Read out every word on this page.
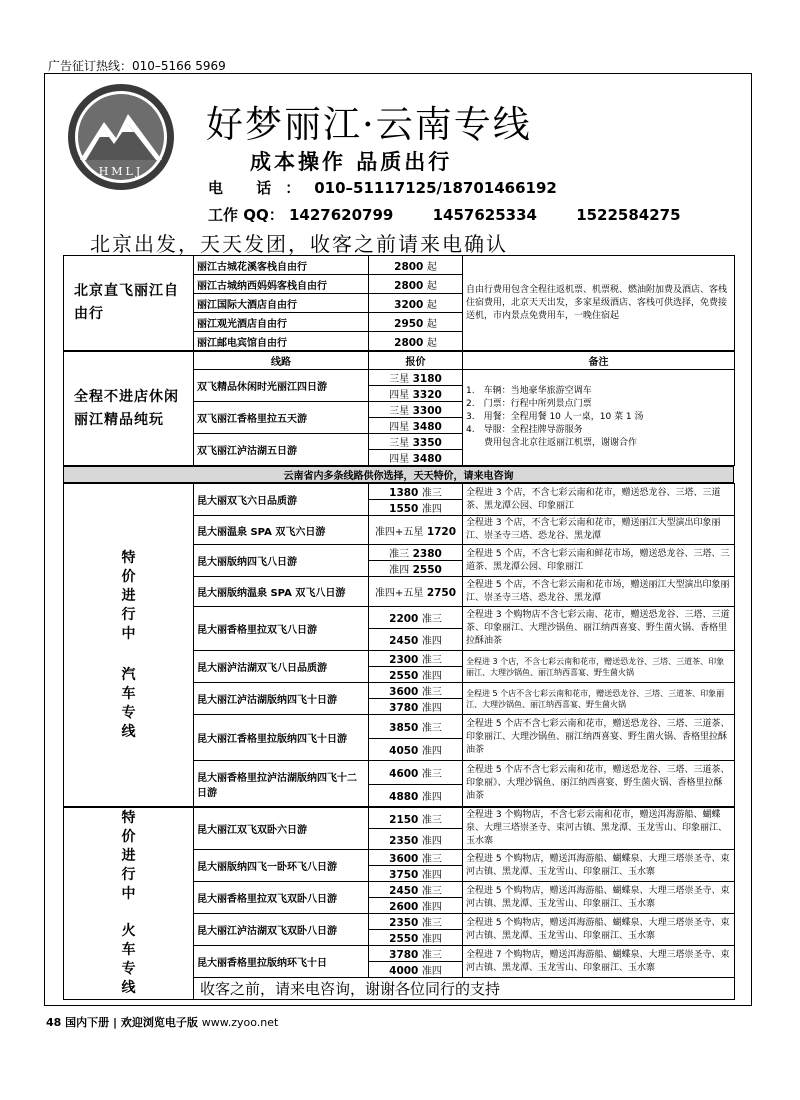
广告征订热线：010–5166 5969
HMLJ
好梦丽江·云南专线
成本操作 品质出行
电 话：010–51117125/18701466192
工作 QQ： 1427620799	1457625334	1522584275
北京出发，天天发团，收客之前请来电确认
北京直飞丽江自由行	丽江古城花溪客栈自由行	2800 起	自由行费用包含全程往返机票、机票税、燃油附加费及酒店、客栈住宿费用，北京天天出发，多家星级酒店、客栈可供选择，免费接送机，市内景点免费用车，一晚住宿起
	丽江古城纳西妈妈客栈自由行	2800 起	
	丽江国际大酒店自由行	3200 起	
	丽江观光酒店自由行	2950 起	
	丽江邮电宾馆自由行	2800 起	
全程不进店休闲丽江精品纯玩	线路	报价	备注
	双飞精品休闲时光丽江四日游	三星 3180	1.　车辆：当地豪华旅游空调车
2.　门票：行程中所列景点门票
3.　用餐：全程用餐 10 人一桌，10 菜 1 汤
4.　导服：全程挂牌导游服务
　　费用包含北京往返丽江机票，谢谢合作

		四星 3320	
	双飞丽江香格里拉五天游	三星 3300	
		四星 3480	
	双飞丽江泸沽湖五日游	三星 3350	
		四星 3480	
云南省内多条线路供你选择，天天特价，请来电咨询
特价进行中
汽车专线	昆大丽双飞六日品质游	1380 准三	全程进 3 个店，不含七彩云南和花市，赠送恐龙谷、三塔、三道茶、黑龙潭公园、印象丽江
		1550 准四	
	昆大丽温泉 SPA 双飞六日游	准四+五星 1720	全程进 3 个店，不含七彩云南和花市，赠送丽江大型演出印象丽江、崇圣寺三塔、恐龙谷、黑龙潭
	昆大丽版纳四飞八日游	准三 2380	全程进 5 个店，不含七彩云南和鲜花市场，赠送恐龙谷、三塔、三道茶、黑龙潭公园、印象丽江
		准四 2550	
	昆大丽版纳温泉 SPA 双飞八日游	准四+五星 2750	全程进 5 个店，不含七彩云南和花市场，赠送丽江大型演出印象丽江、崇圣寺三塔、恐龙谷、黑龙潭
	昆大丽香格里拉双飞八日游	2200 准三	全程进 3 个购物店不含七彩云南、花市，赠送恐龙谷、三塔、三道茶、印象丽江、大理沙锅鱼、丽江纳西喜宴、野生菌火锅、香格里拉酥油茶
		2450 准四	
	昆大丽泸沽湖双飞八日品质游	2300 准三	全程进 3 个店，不含七彩云南和花市，赠送恐龙谷、三塔、三道茶、印象丽江、大理沙锅鱼、丽江纳西喜宴、野生菌火锅
		2550 准四	
	昆大丽江泸沽湖版纳四飞十日游	3600 准三	全程进 5 个店不含七彩云南和花市，赠送恐龙谷、三塔、三道茶、印象丽江、大理沙锅鱼、丽江纳西喜宴、野生菌火锅
		3780 准四	
	昆大丽江香格里拉版纳四飞十日游	3850 准三	全程进 5 个店不含七彩云南和花市，赠送恐龙谷、三塔、三道茶、印象丽江、大理沙锅鱼、丽江纳西喜宴、野生菌火锅、香格里拉酥油茶
		4050 准四	
	昆大丽香格里拉泸沽湖版纳四飞十二日游	4600 准三	全程进 5 个店不含七彩云南和花市，赠送恐龙谷、三塔、三道茶、印象丽》、大理沙锅鱼、丽江纳西喜宴、野生菌火锅、香格里拉酥油茶
		4880 准四	
特价进行中
火车专线	昆大丽江双飞双卧六日游	2150 准三	全程进 3 个购物店，不含七彩云南和花市，赠送洱海游船、蝴蝶泉、大理三塔崇圣寺、束河古镇、黑龙潭、玉龙雪山、印象丽江、玉水寨
		2350 准四	
	昆大丽版纳四飞一卧环飞八日游	3600 准三	全程进 5 个购物店，赠送洱海游船、蝴蝶泉、大理三塔崇圣寺、束河古镇、黑龙潭、玉龙雪山、印象丽江、玉水寨
		3750 准四	
	昆大丽香格里拉双飞双卧八日游	2450 准三	全程进 5 个购物店，赠送洱海游船、蝴蝶泉、大理三塔崇圣寺、束河古镇、黑龙潭、玉龙雪山、印象丽江、玉水寨
		2600 准四	
	昆大丽江泸沽湖双飞双卧八日游	2350 准三	全程进 5 个购物店，赠送洱海游船、蝴蝶泉、大理三塔崇圣寺、束河古镇、黑龙潭、玉龙雪山、印象丽江、玉水寨
		2550 准四	
	昆大丽香格里拉版纳环飞十日	3780 准三	全程进 7 个购物店，赠送洱海游船、蝴蝶泉、大理三塔崇圣寺、束河古镇、黑龙潭、玉龙雪山、印象丽江、玉水寨
		4000 准四	
	收客之前，请来电咨询，谢谢各位同行的支持		
48 国内下册 | 欢迎浏览电子版 www.zyoo.net
